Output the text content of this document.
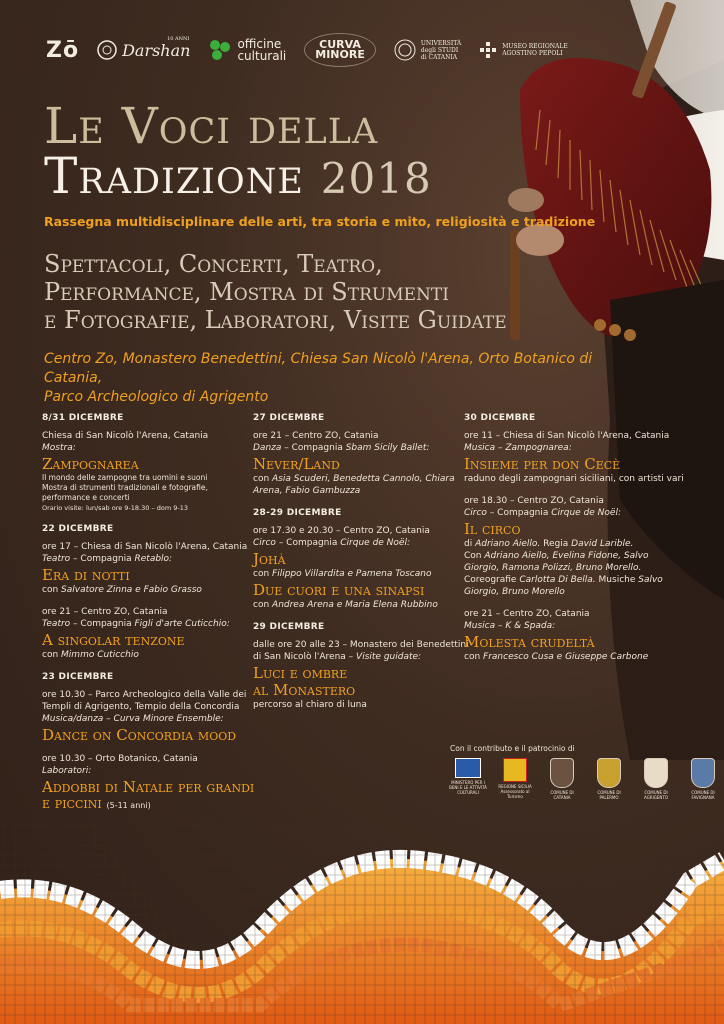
Zō	Darshan
10 ANNI	officine
culturali
CURVA
MINORE
UNIVERSITÀ
degli STUDI
di CATANIA
MUSEO REGIONALE
AGOSTINO PEPOLI
Le Voci della
Tradizione 2018
Rassegna multidisciplinare delle arti, tra storia e mito, religiosità e tradizione
Spettacoli, Concerti, Teatro,
Performance, Mostra di Strumenti
e Fotografie, Laboratori, Visite Guidate
Centro Zo, Monastero Benedettini, Chiesa San Nicolò l'Arena, Orto Botanico di Catania,
Parco Archeologico di Agrigento
8/31 DICEMBRE
Chiesa di San Nicolò l'Arena, Catania
Mostra:
Zampognarea
Il mondo delle zampogne tra uomini e suoni
Mostra di strumenti tradizionali e fotografie,
performance e concerti
Orario visite: lun/sab ore 9-18.30 – dom 9-13
22 DICEMBRE
ore 17 – Chiesa di San Nicolò l'Arena, Catania
Teatro – Compagnia Retablo:
Era di notti
con Salvatore Zinna e Fabio Grasso
ore 21 – Centro ZO, Catania
Teatro – Compagnia Figli d'arte Cuticchio:
A singolar tenzone
con Mimmo Cuticchio
23 DICEMBRE
ore 10.30 – Parco Archeologico della Valle dei
Templi di Agrigento, Tempio della Concordia
Musica/danza – Curva Minore Ensemble:
Dance on Concordia mood
ore 10.30 – Orto Botanico, Catania
Laboratori:
Addobbi di Natale per grandi e piccini (5-11 anni)
27 DICEMBRE
ore 21 – Centro ZO, Catania
Danza – Compagnia Sbam Sicily Ballet:
Never/Land
con Asia Scuderi, Benedetta Cannolo, Chiara Arena, Fabio Gambuzza
28-29 DICEMBRE
ore 17.30 e 20.30 – Centro ZO, Catania
Circo – Compagnia Cirque de Noël:
Johà
con Filippo Villardita e Pamena Toscano
Due cuori e una sinapsi
con Andrea Arena e Maria Elena Rubbino
29 DICEMBRE
dalle ore 20 alle 23 – Monastero dei Benedettini
di San Nicolò l'Arena – Visite guidate:
Luci e ombre
al Monastero
percorso al chiaro di luna
30 DICEMBRE
ore 11 – Chiesa di San Nicolò l'Arena, Catania
Musica – Zampognarea:
Insieme per don Cecè
raduno degli zampognari siciliani, con artisti vari
ore 18.30 – Centro ZO, Catania
Circo – Compagnia Cirque de Noël:
Il circo
di Adriano Aiello. Regia David Larible.
Con Adriano Aiello, Evelina Fidone, Salvo Giorgio, Ramona Polizzi, Bruno Morello.
Coreografie Carlotta Di Bella. Musiche Salvo Giorgio, Bruno Morello
ore 21 – Centro ZO, Catania
Musica – K & Spada:
Molesta crudeltà
con Francesco Cusa e Giuseppe Carbone
Con il contributo e il patrocinio di
MINISTERO PER I BENI E LE ATTIVITÀ CULTURALI
REGIONE SICILIA Assessorato al Turismo
COMUNE DI CATANIA
COMUNE DI PALERMO
COMUNE DI AGRIGENTO
COMUNE DI FAVIGNANA
